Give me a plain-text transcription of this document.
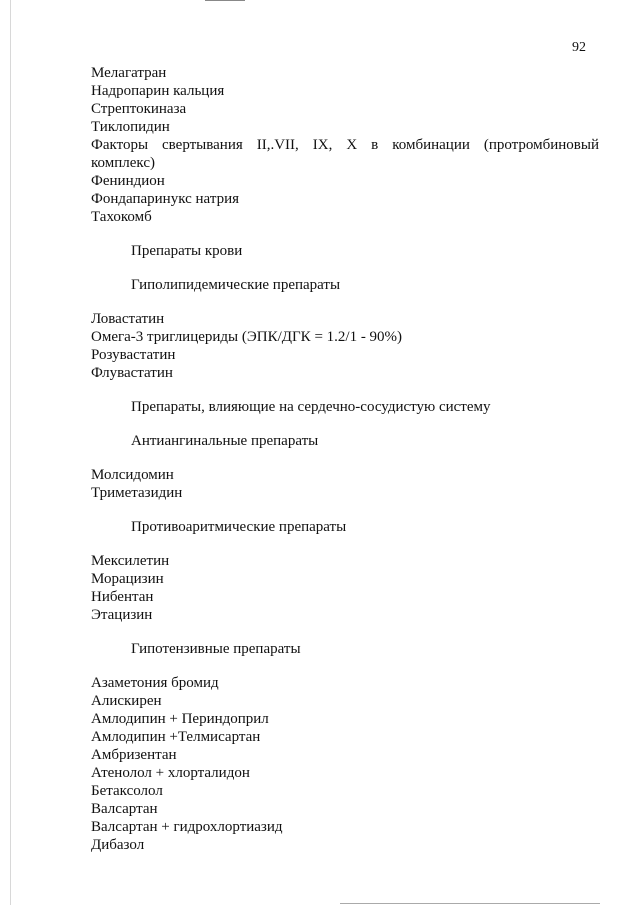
92
Мелагатран
Надропарин кальция
Стрептокиназа
Тиклопидин
Факторы свертывания II,.VII, IX, X в комбинации (протромбиновый
комплекс)
Фениндион
Фондапаринукс натрия
Тахокомб
Препараты крови
Гиполипидемические препараты
Ловастатин
Омега-3 триглицериды (ЭПК/ДГК = 1.2/1 - 90%)
Розувастатин
Флувастатин
Препараты, влияющие на сердечно-сосудистую систему
Антиангинальные препараты
Молсидомин
Триметазидин
Противоаритмические препараты
Мексилетин
Морацизин
Нибентан
Этацизин
Гипотензивные препараты
Азаметония бромид
Алискирен
Амлодипин + Периндоприл
Амлодипин +Телмисартан
Амбризентан
Атенолол + хлорталидон
Бетаксолол
Валсартан
Валсартан + гидрохлортиазид
Дибазол
